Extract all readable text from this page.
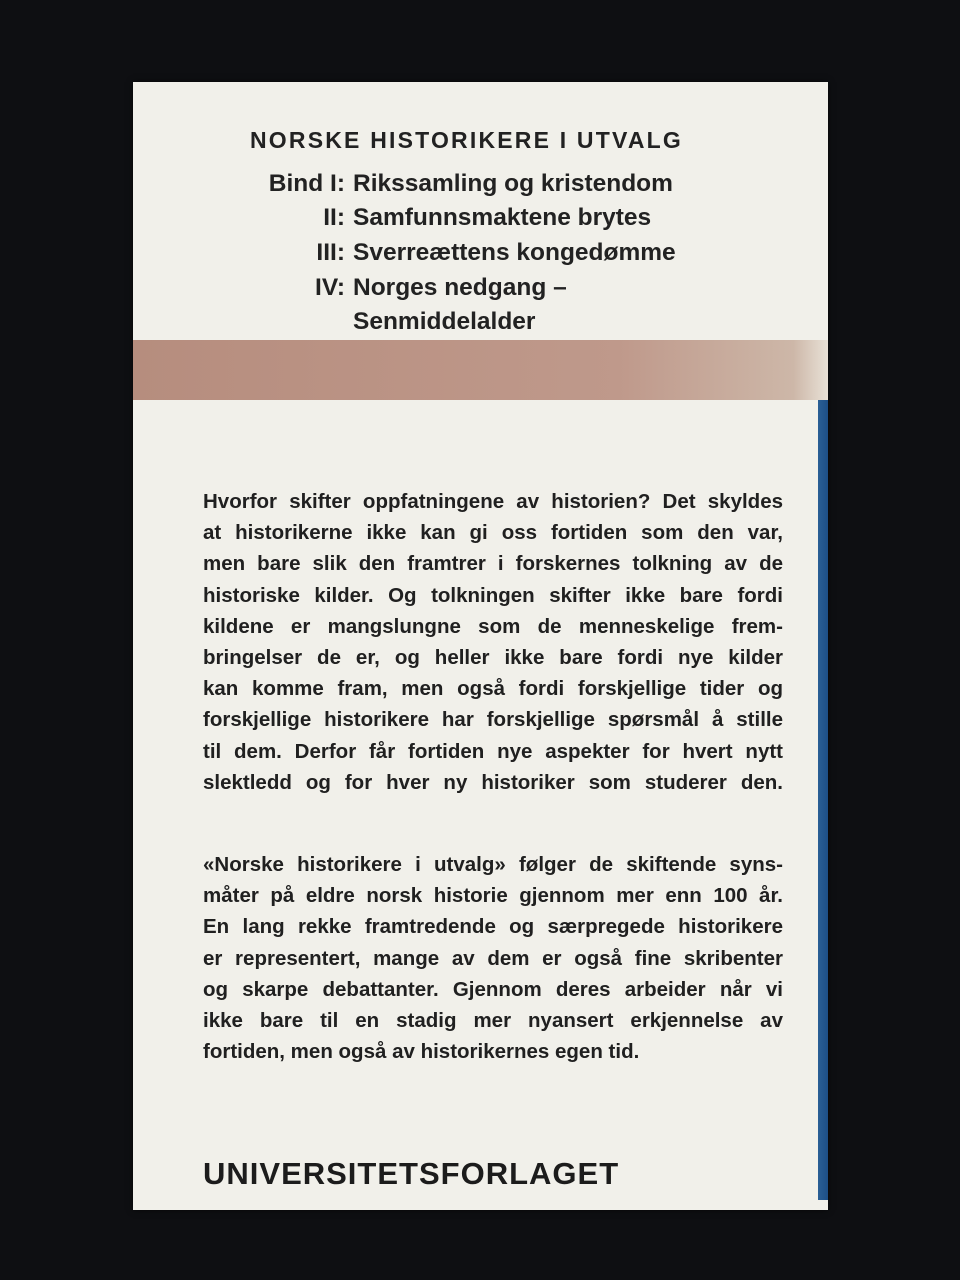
NORSKE HISTORIKERE I UTVALG
Bind I: Rikssamling og kristendom
II: Samfunnsmaktene brytes
III: Sverreættens kongedømme
IV: Norges nedgang –
Senmiddelalder
Hvorfor skifter oppfatningene av historien? Det skyldes
at historikerne ikke kan gi oss fortiden som den var,
men bare slik den framtrer i forskernes tolkning av de
historiske kilder. Og tolkningen skifter ikke bare fordi
kildene er mangslungne som de menneskelige frem-
bringelser de er, og heller ikke bare fordi nye kilder
kan komme fram, men også fordi forskjellige tider og
forskjellige historikere har forskjellige spørsmål å stille
til dem. Derfor får fortiden nye aspekter for hvert nytt
slektledd og for hver ny historiker som studerer den.
«Norske historikere i utvalg» følger de skiftende syns-
måter på eldre norsk historie gjennom mer enn 100 år.
En lang rekke framtredende og særpregede historikere
er representert, mange av dem er også fine skribenter
og skarpe debattanter. Gjennom deres arbeider når vi
ikke bare til en stadig mer nyansert erkjennelse av
fortiden, men også av historikernes egen tid.
UNIVERSITETSFORLAGET
